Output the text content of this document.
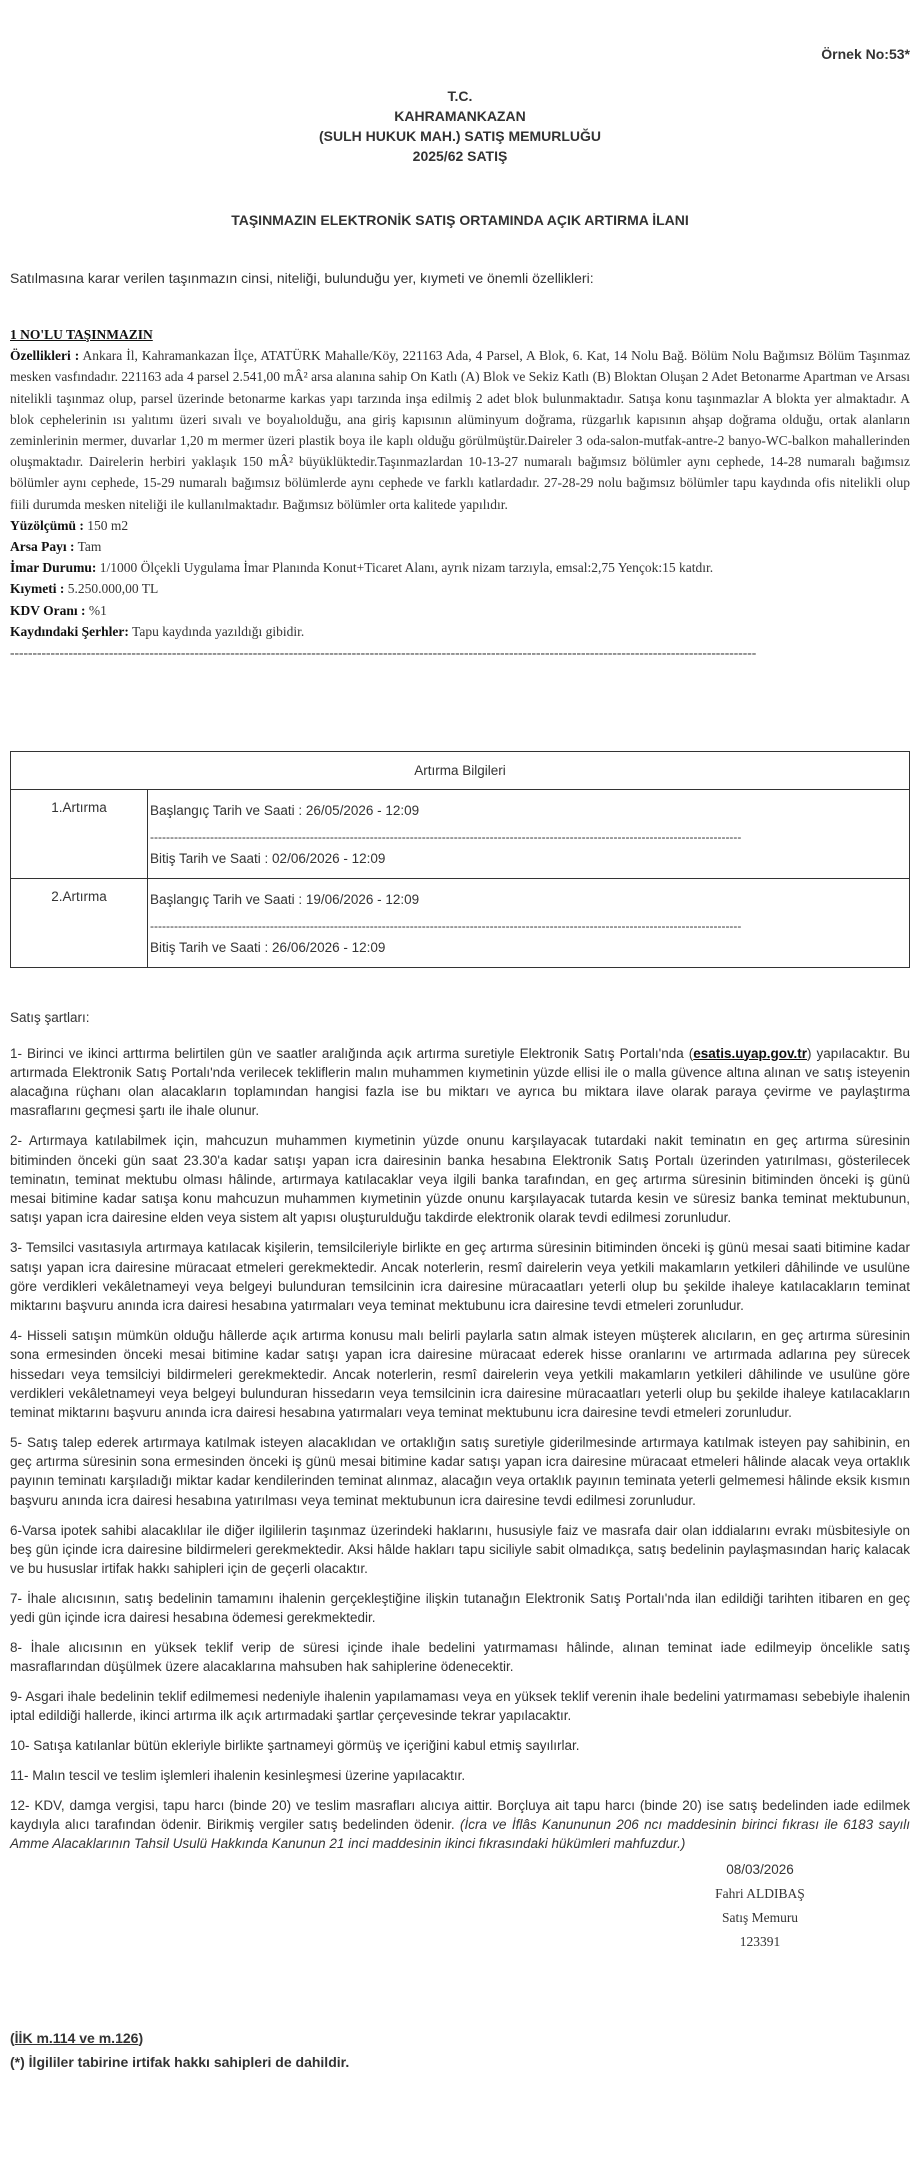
Örnek No:53*
T.C.
KAHRAMANKAZAN
(SULH HUKUK MAH.) SATIŞ MEMURLUĞU
2025/62 SATIŞ
TAŞINMAZIN ELEKTRONİK SATIŞ ORTAMINDA AÇIK ARTIRMA İLANI
Satılmasına karar verilen taşınmazın cinsi, niteliği, bulunduğu yer, kıymeti ve önemli özellikleri:
1 NO'LU TAŞINMAZIN
Özellikleri : Ankara İl, Kahramankazan İlçe, ATATÜRK Mahalle/Köy, 221163 Ada, 4 Parsel, A Blok, 6. Kat, 14 Nolu Bağ. Bölüm Nolu Bağımsız Bölüm Taşınmaz mesken vasfındadır. 221163 ada 4 parsel 2.541,00 mÂ² arsa alanına sahip On Katlı (A) Blok ve Sekiz Katlı (B) Bloktan Oluşan 2 Adet Betonarme Apartman ve Arsası nitelikli taşınmaz olup, parsel üzerinde betonarme karkas yapı tarzında inşa edilmiş 2 adet blok bulunmaktadır. Satışa konu taşınmazlar A blokta yer almaktadır. A blok cephelerinin ısı yalıtımı üzeri sıvalı ve boyalıolduğu, ana giriş kapısının alüminyum doğrama, rüzgarlık kapısının ahşap doğrama olduğu, ortak alanların zeminlerinin mermer, duvarlar 1,20 m mermer üzeri plastik boya ile kaplı olduğu görülmüştür.Daireler 3 oda-salon-mutfak-antre-2 banyo-WC-balkon mahallerinden oluşmaktadır. Dairelerin herbiri yaklaşık 150 mÂ² büyüklüktedir.Taşınmazlardan 10-13-27 numaralı bağımsız bölümler aynı cephede, 14-28 numaralı bağımsız bölümler aynı cephede, 15-29 numaralı bağımsız bölümlerde aynı cephede ve farklı katlardadır. 27-28-29 nolu bağımsız bölümler tapu kaydında ofis nitelikli olup fiili durumda mesken niteliği ile kullanılmaktadır. Bağımsız bölümler orta kalitede yapılıdır.
Yüzölçümü : 150 m2
Arsa Payı : Tam
İmar Durumu: 1/1000 Ölçekli Uygulama İmar Planında Konut+Ticaret Alanı, ayrık nizam tarzıyla, emsal:2,75 Yençok:15 katdır.
Kıymeti : 5.250.000,00 TL
KDV Oranı : %1
Kaydındaki Şerhler: Tapu kaydında yazıldığı gibidir.
----------------------------------------------------------------------------------------------------------------------------------------------------------------------
Artırma Bilgileri	
1.Artırma	Başlangıç Tarih ve Saati : 26/05/2026 - 12:09
----------------------------------------------------------------------------------------------------------------------------------------------------
Bitiş Tarih ve Saati : 02/06/2026 - 12:09

2.Artırma	Başlangıç Tarih ve Saati : 19/06/2026 - 12:09
----------------------------------------------------------------------------------------------------------------------------------------------------
Bitiş Tarih ve Saati : 26/06/2026 - 12:09
Satış şartları:

1- Birinci ve ikinci arttırma belirtilen gün ve saatler aralığında açık artırma suretiyle Elektronik Satış Portalı'nda (esatis.uyap.gov.tr) yapılacaktır. Bu artırmada Elektronik Satış Portalı'nda verilecek tekliflerin malın muhammen kıymetinin yüzde ellisi ile o malla güvence altına alınan ve satış isteyenin alacağına rüçhanı olan alacakların toplamından hangisi fazla ise bu miktarı ve ayrıca bu miktara ilave olarak paraya çevirme ve paylaştırma masraflarını geçmesi şartı ile ihale olunur.

2- Artırmaya katılabilmek için, mahcuzun muhammen kıymetinin yüzde onunu karşılayacak tutardaki nakit teminatın en geç artırma süresinin bitiminden önceki gün saat 23.30'a kadar satışı yapan icra dairesinin banka hesabına Elektronik Satış Portalı üzerinden yatırılması, gösterilecek teminatın, teminat mektubu olması hâlinde, artırmaya katılacaklar veya ilgili banka tarafından, en geç artırma süresinin bitiminden önceki iş günü mesai bitimine kadar satışa konu mahcuzun muhammen kıymetinin yüzde onunu karşılayacak tutarda kesin ve süresiz banka teminat mektubunun, satışı yapan icra dairesine elden veya sistem alt yapısı oluşturulduğu takdirde elektronik olarak tevdi edilmesi zorunludur.

3- Temsilci vasıtasıyla artırmaya katılacak kişilerin, temsilcileriyle birlikte en geç artırma süresinin bitiminden önceki iş günü mesai saati bitimine kadar satışı yapan icra dairesine müracaat etmeleri gerekmektedir. Ancak noterlerin, resmî dairelerin veya yetkili makamların yetkileri dâhilinde ve usulüne göre verdikleri vekâletnameyi veya belgeyi bulunduran temsilcinin icra dairesine müracaatları yeterli olup bu şekilde ihaleye katılacakların teminat miktarını başvuru anında icra dairesi hesabına yatırmaları veya teminat mektubunu icra dairesine tevdi etmeleri zorunludur.

4- Hisseli satışın mümkün olduğu hâllerde açık artırma konusu malı belirli paylarla satın almak isteyen müşterek alıcıların, en geç artırma süresinin sona ermesinden önceki mesai bitimine kadar satışı yapan icra dairesine müracaat ederek hisse oranlarını ve artırmada adlarına pey sürecek hissedarı veya temsilciyi bildirmeleri gerekmektedir. Ancak noterlerin, resmî dairelerin veya yetkili makamların yetkileri dâhilinde ve usulüne göre verdikleri vekâletnameyi veya belgeyi bulunduran hissedarın veya temsilcinin icra dairesine müracaatları yeterli olup bu şekilde ihaleye katılacakların teminat miktarını başvuru anında icra dairesi hesabına yatırmaları veya teminat mektubunu icra dairesine tevdi etmeleri zorunludur.

5- Satış talep ederek artırmaya katılmak isteyen alacaklıdan ve ortaklığın satış suretiyle giderilmesinde artırmaya katılmak isteyen pay sahibinin, en geç artırma süresinin sona ermesinden önceki iş günü mesai bitimine kadar satışı yapan icra dairesine müracaat etmeleri hâlinde alacak veya ortaklık payının teminatı karşıladığı miktar kadar kendilerinden teminat alınmaz, alacağın veya ortaklık payının teminata yeterli gelmemesi hâlinde eksik kısmın başvuru anında icra dairesi hesabına yatırılması veya teminat mektubunun icra dairesine tevdi edilmesi zorunludur.

6-Varsa ipotek sahibi alacaklılar ile diğer ilgililerin taşınmaz üzerindeki haklarını, hususiyle faiz ve masrafa dair olan iddialarını evrakı müsbitesiyle on beş gün içinde icra dairesine bildirmeleri gerekmektedir. Aksi hâlde hakları tapu siciliyle sabit olmadıkça, satış bedelinin paylaşmasından hariç kalacak ve bu hususlar irtifak hakkı sahipleri için de geçerli olacaktır.

7- İhale alıcısının, satış bedelinin tamamını ihalenin gerçekleştiğine ilişkin tutanağın Elektronik Satış Portalı'nda ilan edildiği tarihten itibaren en geç yedi gün içinde icra dairesi hesabına ödemesi gerekmektedir.

8- İhale alıcısının en yüksek teklif verip de süresi içinde ihale bedelini yatırmaması hâlinde, alınan teminat iade edilmeyip öncelikle satış masraflarından düşülmek üzere alacaklarına mahsuben hak sahiplerine ödenecektir.

9- Asgari ihale bedelinin teklif edilmemesi nedeniyle ihalenin yapılamaması veya en yüksek teklif verenin ihale bedelini yatırmaması sebebiyle ihalenin iptal edildiği hallerde, ikinci artırma ilk açık artırmadaki şartlar çerçevesinde tekrar yapılacaktır.

10- Satışa katılanlar bütün ekleriyle birlikte şartnameyi görmüş ve içeriğini kabul etmiş sayılırlar.

11- Malın tescil ve teslim işlemleri ihalenin kesinleşmesi üzerine yapılacaktır.

12- KDV, damga vergisi, tapu harcı (binde 20) ve teslim masrafları alıcıya aittir. Borçluya ait tapu harcı (binde 20) ise satış bedelinden iade edilmek kaydıyla alıcı tarafından ödenir. Birikmiş vergiler satış bedelinden ödenir. (İcra ve İflâs Kanununun 206 ncı maddesinin birinci fıkrası ile 6183 sayılı Amme Alacaklarının Tahsil Usulü Hakkında Kanunun 21 inci maddesinin ikinci fıkrasındaki hükümleri mahfuzdur.)

08/03/2026
Fahri ALDIBAŞ
Satış Memuru
123391
(İİK m.114 ve m.126)
(*) İlgililer tabirine irtifak hakkı sahipleri de dahildir.
